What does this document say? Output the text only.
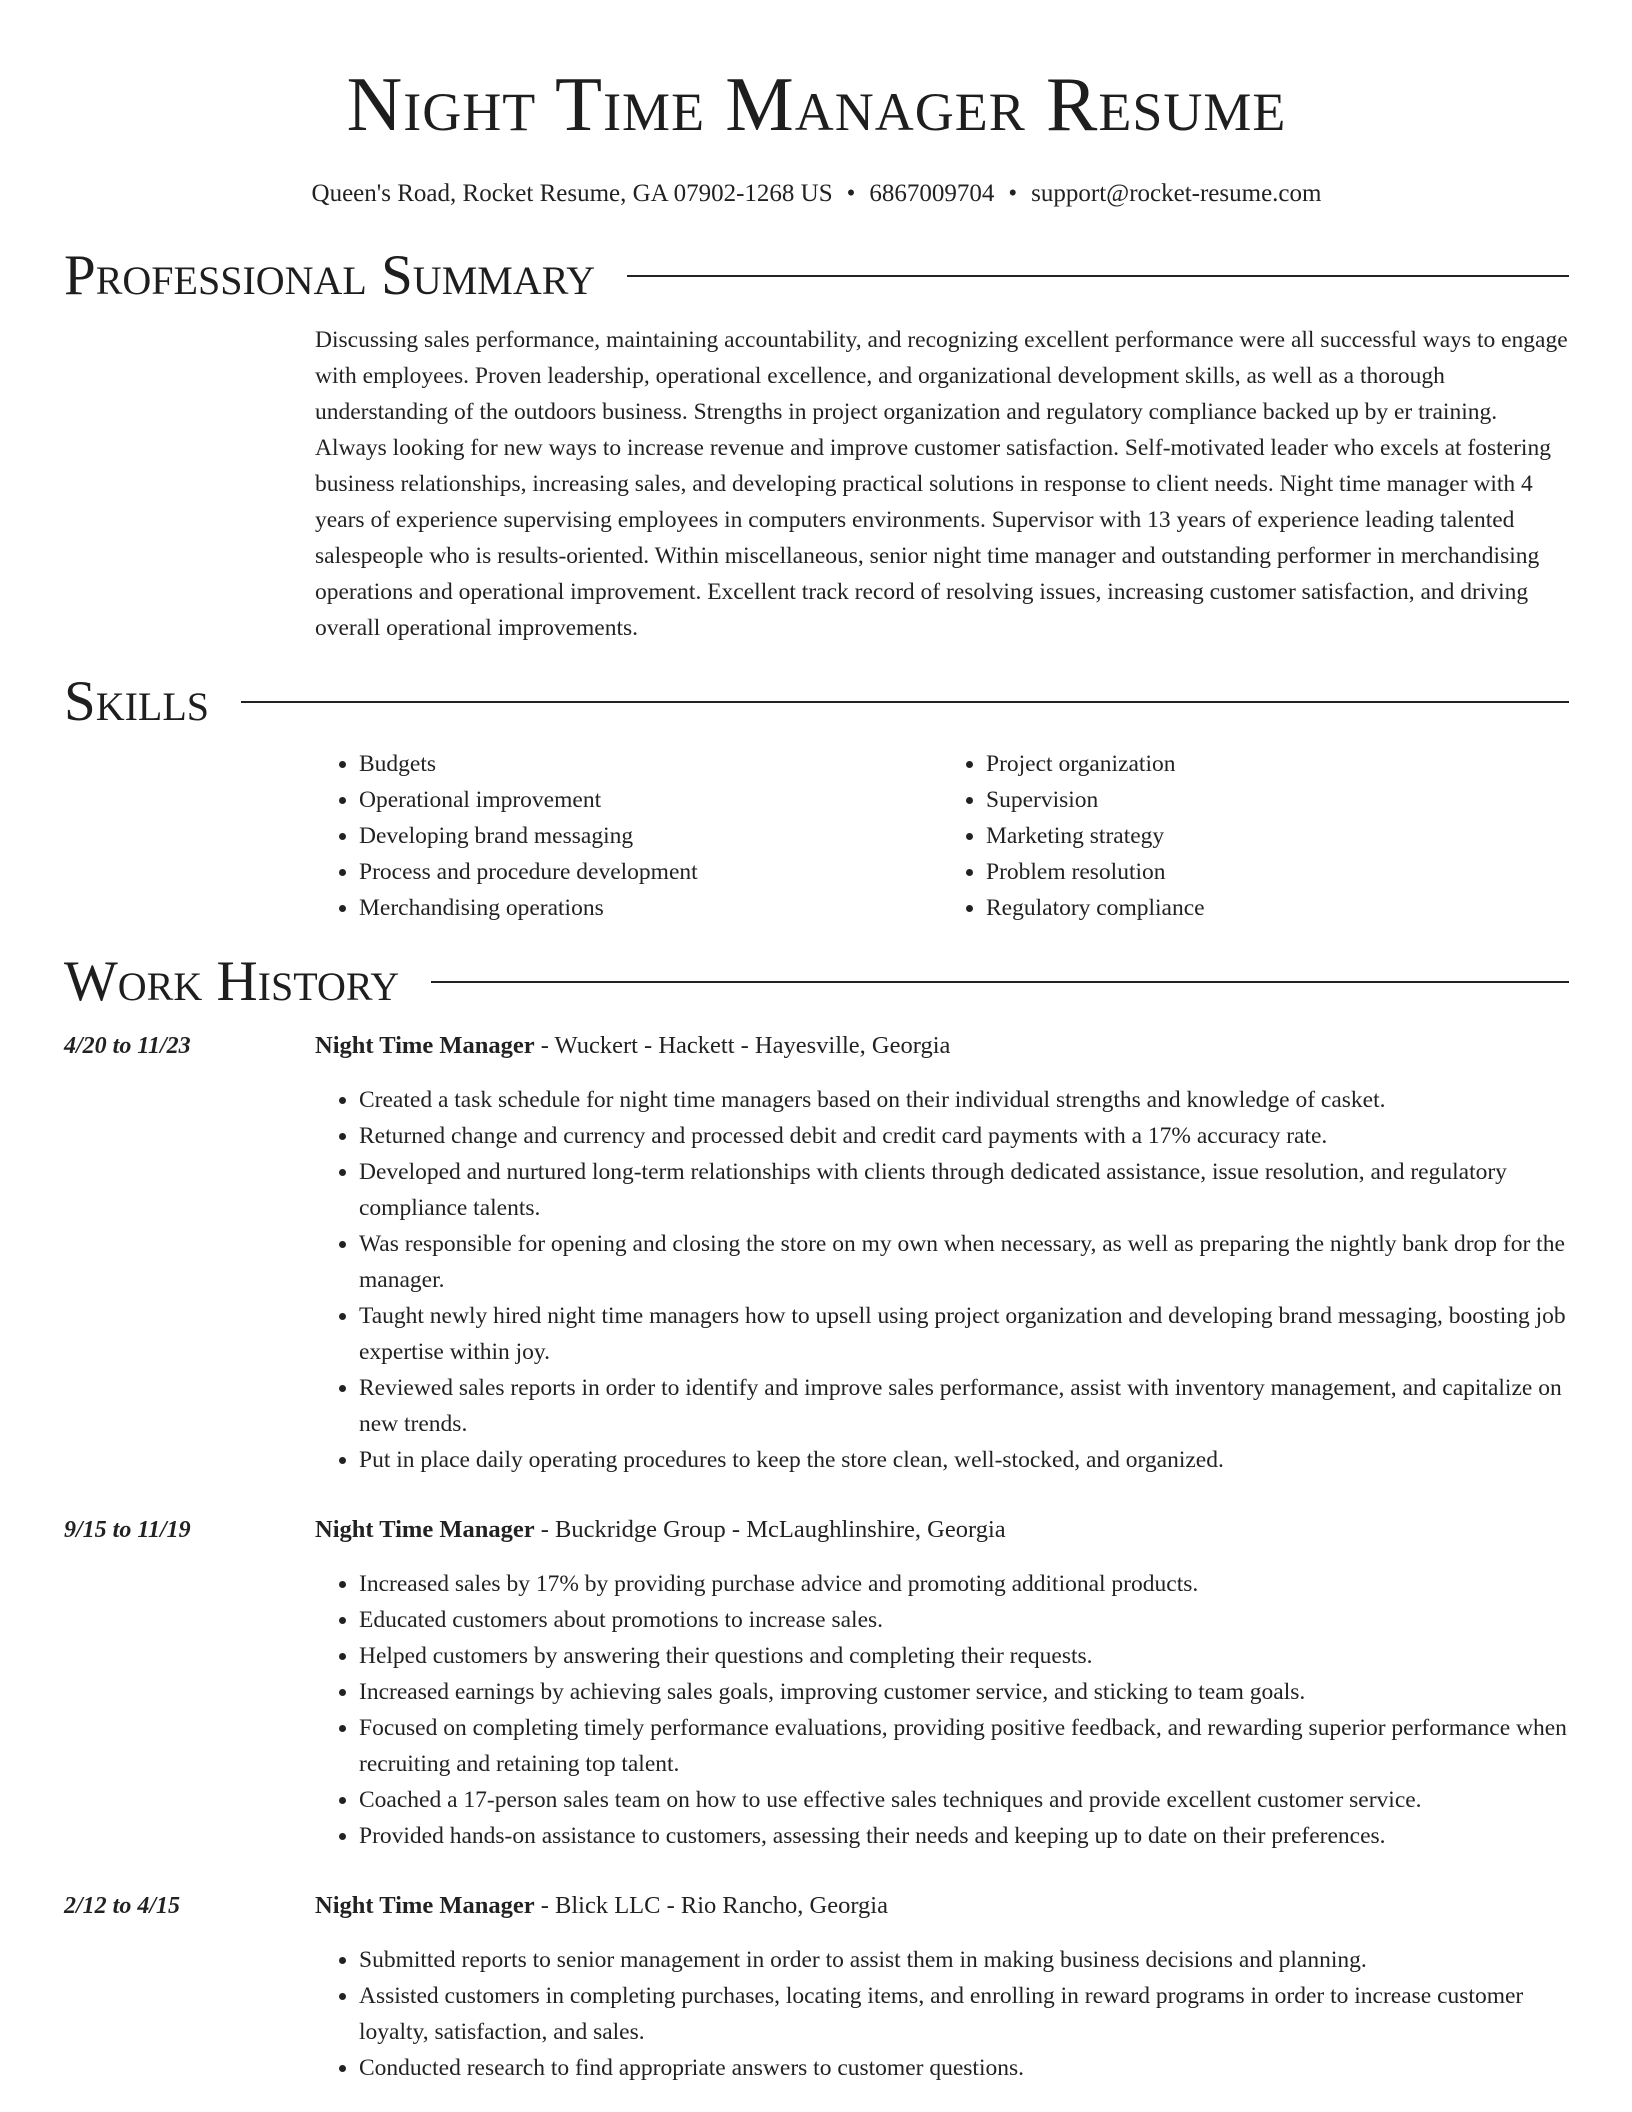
Night Time Manager Resume
Queen's Road, Rocket Resume, GA 07902-1268 US • 6867009704 • support@rocket-resume.com
Professional Summary

Discussing sales performance, maintaining accountability, and recognizing excellent performance were all successful ways to engage with employees. Proven leadership, operational excellence, and organizational development skills, as well as a thorough understanding of the outdoors business. Strengths in project organization and regulatory compliance backed up by er training. Always looking for new ways to increase revenue and improve customer satisfaction. Self-motivated leader who excels at fostering business relationships, increasing sales, and developing practical solutions in response to client needs. Night time manager with 4 years of experience supervising employees in computers environments. Supervisor with 13 years of experience leading talented salespeople who is results-oriented. Within miscellaneous, senior night time manager and outstanding performer in merchandising operations and operational improvement. Excellent track record of resolving issues, increasing customer satisfaction, and driving overall operational improvements.

Skills
• Budgets
• Operational improvement
• Developing brand messaging
• Process and procedure development
• Merchandising operations
• Project organization
• Supervision
• Marketing strategy
• Problem resolution
• Regulatory compliance
Work History
4/20 to 11/23	Night Time Manager - Wuckert - Hackett - Hayesville, Georgia
• Created a task schedule for night time managers based on their individual strengths and knowledge of casket.
• Returned change and currency and processed debit and credit card payments with a 17% accuracy rate.
• Developed and nurtured long-term relationships with clients through dedicated assistance, issue resolution, and regulatory compliance talents.
• Was responsible for opening and closing the store on my own when necessary, as well as preparing the nightly bank drop for the manager.
• Taught newly hired night time managers how to upsell using project organization and developing brand messaging, boosting job expertise within joy.
• Reviewed sales reports in order to identify and improve sales performance, assist with inventory management, and capitalize on new trends.
• Put in place daily operating procedures to keep the store clean, well-stocked, and organized.
9/15 to 11/19	Night Time Manager - Buckridge Group - McLaughlinshire, Georgia
• Increased sales by 17% by providing purchase advice and promoting additional products.
• Educated customers about promotions to increase sales.
• Helped customers by answering their questions and completing their requests.
• Increased earnings by achieving sales goals, improving customer service, and sticking to team goals.
• Focused on completing timely performance evaluations, providing positive feedback, and rewarding superior performance when recruiting and retaining top talent.
• Coached a 17-person sales team on how to use effective sales techniques and provide excellent customer service.
• Provided hands-on assistance to customers, assessing their needs and keeping up to date on their preferences.
2/12 to 4/15	Night Time Manager - Blick LLC - Rio Rancho, Georgia
• Submitted reports to senior management in order to assist them in making business decisions and planning.
• Assisted customers in completing purchases, locating items, and enrolling in reward programs in order to increase customer loyalty, satisfaction, and sales.
• Conducted research to find appropriate answers to customer questions.
